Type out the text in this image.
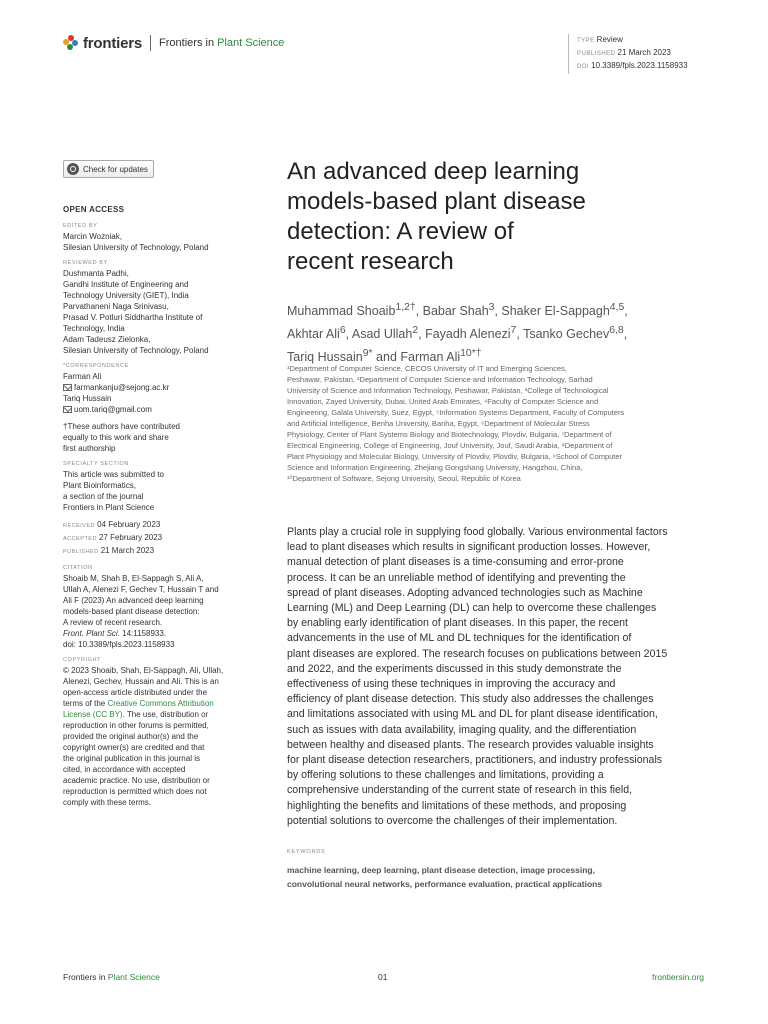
frontiers Frontiers in Plant Science	TYPE Review
PUBLISHED 21 March 2023
DOI 10.3389/fpls.2023.1158933
Check for updates
OPEN ACCESS
EDITED BY
Marcin Wozniak,
Silesian University of Technology, Poland
REVIEWED BY
Dushmanta Padhi,
Gandhi Institute of Engineering and
Technology University (GIET), India
Parvathaneni Naga Srinivasu,
Prasad V. Potluri Siddhartha Institute of
Technology, India
Adam Tadeusz Zielonka,
Silesian University of Technology, Poland
*CORRESPONDENCE
Farman Ali
farmankanju@sejong.ac.kr
Tariq Hussain
uom.tariq@gmail.com
†These authors have contributed
equally to this work and share
first authorship
SPECIALTY SECTION
This article was submitted to
Plant Bioinformatics,
a section of the journal
Frontiers in Plant Science
RECEIVED 04 February 2023
ACCEPTED 27 February 2023
PUBLISHED 21 March 2023
CITATION
Shoaib M, Shah B, El-Sappagh S, Ali A,
Ullah A, Alenezi F, Gechev T, Hussain T and
Ali F (2023) An advanced deep learning
models-based plant disease detection:
A review of recent research.
Front. Plant Sci. 14:1158933.
doi: 10.3389/fpls.2023.1158933
COPYRIGHT
© 2023 Shoaib, Shah, El-Sappagh, Ali, Ullah,
Alenezi, Gechev, Hussain and Ali. This is an
open-access article distributed under the
terms of the Creative Commons Attribution
License (CC BY). The use, distribution or
reproduction in other forums is permitted,
provided the original author(s) and the
copyright owner(s) are credited and that
the original publication in this journal is
cited, in accordance with accepted
academic practice. No use, distribution or
reproduction is permitted which does not
comply with these terms.
An advanced deep learning
models-based plant disease
detection: A review of
recent research
Muhammad Shoaib$^{1,2\dagger}$, Babar Shah$^3$, Shaker El-Sappagh$^{4,5}$,
Akhtar Ali$^6$, Asad Ullah$^2$, Fayadh Alenezi$^7$, Tsanko Gechev$^{6,8}$,
Tariq Hussain$^{9*}$ and Farman Ali$^{10*\dagger}$
¹Department of Computer Science, CECOS University of IT and Emerging Sciences,
Peshawar, Pakistan, ²Department of Computer Science and Information Technology, Sarhad
University of Science and Information Technology, Peshawar, Pakistan, ³College of Technological
Innovation, Zayed University, Dubai, United Arab Emirates, ⁴Faculty of Computer Science and
Engineering, Galala University, Suez, Egypt, ⁵Information Systems Department, Faculty of Computers
and Artificial Intelligence, Benha University, Banha, Egypt, ⁶Department of Molecular Stress
Physiology, Center of Plant Systems Biology and Biotechnology, Plovdiv, Bulgaria, ⁷Department of
Electrical Engineering, College of Engineering, Jouf University, Jouf, Saudi Arabia, ⁸Department of
Plant Physiology and Molecular Biology, University of Plovdiv, Plovdiv, Bulgaria, ⁹School of Computer
Science and Information Engineering, Zhejiang Gongshang University, Hangzhou, China,
¹⁰Department of Software, Sejong University, Seoul, Republic of Korea
Plants play a crucial role in supplying food globally. Various environmental factors
lead to plant diseases which results in significant production losses. However,
manual detection of plant diseases is a time-consuming and error-prone
process. It can be an unreliable method of identifying and preventing the
spread of plant diseases. Adopting advanced technologies such as Machine
Learning (ML) and Deep Learning (DL) can help to overcome these challenges
by enabling early identification of plant diseases. In this paper, the recent
advancements in the use of ML and DL techniques for the identification of
plant diseases are explored. The research focuses on publications between 2015
and 2022, and the experiments discussed in this study demonstrate the
effectiveness of using these techniques in improving the accuracy and
efficiency of plant disease detection. This study also addresses the challenges
and limitations associated with using ML and DL for plant disease identification,
such as issues with data availability, imaging quality, and the differentiation
between healthy and diseased plants. The research provides valuable insights
for plant disease detection researchers, practitioners, and industry professionals
by offering solutions to these challenges and limitations, providing a
comprehensive understanding of the current state of research in this field,
highlighting the benefits and limitations of these methods, and proposing
potential solutions to overcome the challenges of their implementation.
KEYWORDS
machine learning, deep learning, plant disease detection, image processing,
convolutional neural networks, performance evaluation, practical applications
Frontiers in Plant Science	01	frontiersin.org
